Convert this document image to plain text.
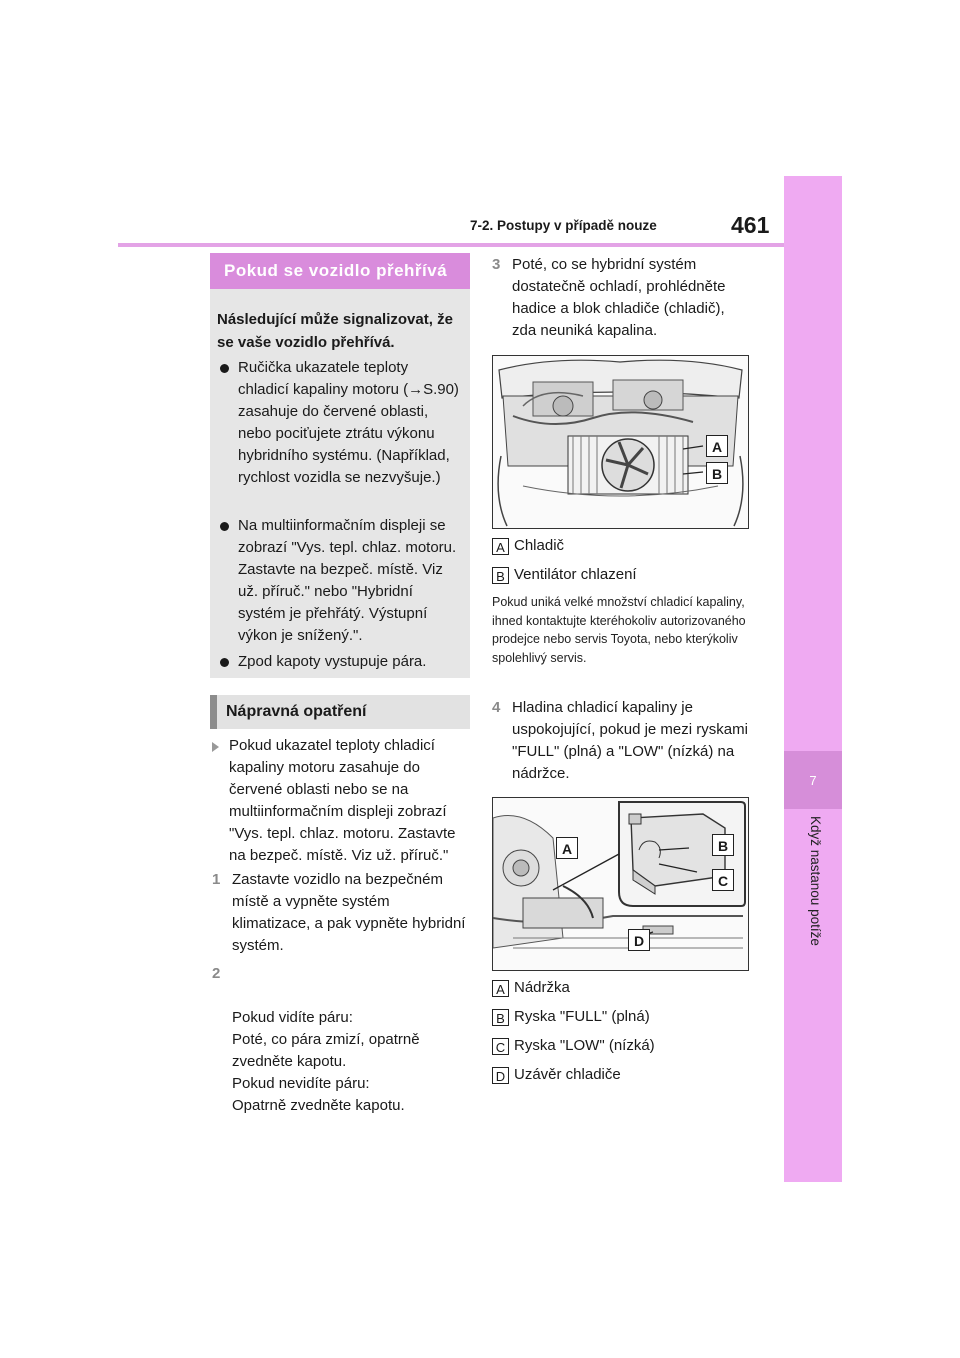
7-2. Postupy v případě nouze	461
7
Když nastanou potíže
Pokud se vozidlo přehřívá
Následující může signalizovat, že se vaše vozidlo přehřívá.
Ručička ukazatele teploty chladicí kapaliny motoru (→S.90) zasahuje do červené oblasti, nebo pociťujete ztrátu výkonu hybridního systému. (Například, rychlost vozidla se nezvyšuje.)
Na multiinformačním displeji se zobrazí "Vys. tepl. chlaz. motoru. Zastavte na bezpeč. místě. Viz už. příruč." nebo "Hybridní systém je přehřátý. Výstupní výkon je snížený.".
Zpod kapoty vystupuje pára.
Nápravná opatření
Pokud ukazatel teploty chladicí kapaliny motoru zasahuje do červené oblasti nebo se na multiinformačním displeji zobrazí "Vys. tepl. chlaz. motoru. Zastavte na bezpeč. místě. Viz už. příruč."
1 Zastavte vozidlo na bezpečném místě a vypněte systém klimatizace, a pak vypněte hybridní systém.

2

Pokud vidíte páru:
Poté, co pára zmizí, opatrně zvedněte kapotu.
Pokud nevidíte páru:
Opatrně zvedněte kapotu.

3 Poté, co se hybridní systém dostatečně ochladí, prohlédněte hadice a blok chladiče (chladič), zda neuniká kapalina.
A
B
A Chladič
B Ventilátor chlazení
Pokud uniká velké množství chladicí kapaliny, ihned kontaktujte kteréhokoliv autorizovaného prodejce nebo servis Toyota, nebo kterýkoliv spolehlivý servis.
4 Hladina chladicí kapaliny je uspokojující, pokud je mezi ryskami "FULL" (plná) a "LOW" (nízká) na nádržce.
A	B
C
D
A Nádržka
B Ryska "FULL" (plná)
C Ryska "LOW" (nízká)
D Uzávěr chladiče
